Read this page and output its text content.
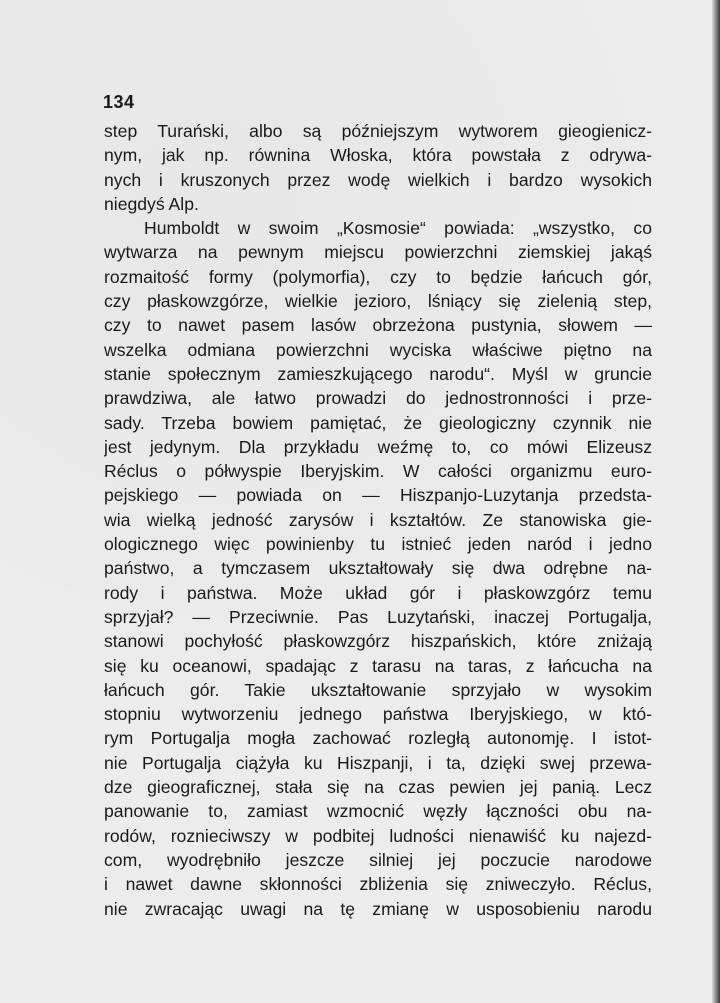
134
step Turański, albo są późniejszym wytworem gieogienicz-
nym, jak np. równina Włoska, która powstała z odrywa-
nych i kruszonych przez wodę wielkich i bardzo wysokich
niegdyś Alp.
Humboldt w swoim „Kosmosie“ powiada: „wszystko, co
wytwarza na pewnym miejscu powierzchni ziemskiej jakąś
rozmaitość formy (polymorfia), czy to będzie łańcuch gór,
czy płaskowzgórze, wielkie jezioro, lśniący się zielenią step,
czy to nawet pasem lasów obrzeżona pustynia, słowem —
wszelka odmiana powierzchni wyciska właściwe piętno na
stanie społecznym zamieszkującego narodu“. Myśl w gruncie
prawdziwa, ale łatwo prowadzi do jednostronności i prze-
sady. Trzeba bowiem pamiętać, że gieologiczny czynnik nie
jest jedynym. Dla przykładu weźmę to, co mówi Elizeusz
Réclus o półwyspie Iberyjskim. W całości organizmu euro-
pejskiego — powiada on — Hiszpanjo-Luzytanja przedsta-
wia wielką jedność zarysów i kształtów. Ze stanowiska gie-
ologicznego więc powinienby tu istnieć jeden naród i jedno
państwo, a tymczasem ukształtowały się dwa odrębne na-
rody i państwa. Może układ gór i płaskowzgórz temu
sprzyjał? — Przeciwnie. Pas Luzytański, inaczej Portugalja,
stanowi pochyłość płaskowzgórz hiszpańskich, które zniżają
się ku oceanowi, spadając z tarasu na taras, z łańcucha na
łańcuch gór. Takie ukształtowanie sprzyjało w wysokim
stopniu wytworzeniu jednego państwa Iberyjskiego, w któ-
rym Portugalja mogła zachować rozległą autonomję. I istot-
nie Portugalja ciążyła ku Hiszpanji, i ta, dzięki swej przewa-
dze gieograficznej, stała się na czas pewien jej panią. Lecz
panowanie to, zamiast wzmocnić węzły łączności obu na-
rodów, rozniecіwszy w podbitej ludności nienawiść ku najezd-
com, wyodrębniło jeszcze silniej jej poczucie narodowe
i nawet dawne skłonności zbliżenia się zniweczyło. Réclus,
nie zwracając uwagi na tę zmianę w usposobieniu narodu
